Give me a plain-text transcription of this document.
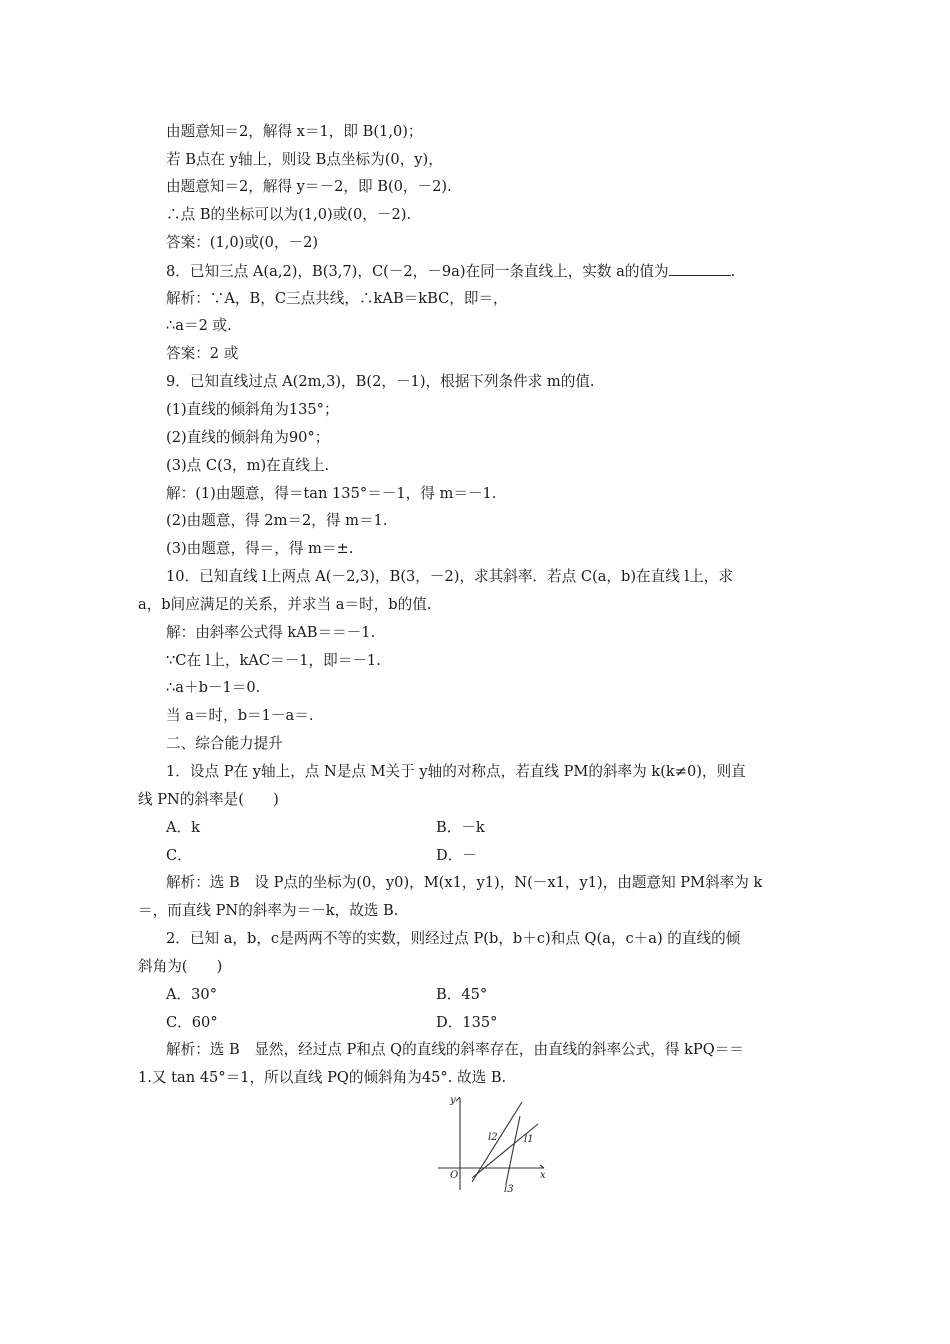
由题意知＝2，解得 x＝1，即 B(1,0)；
若 B点在 y轴上，则设 B点坐标为(0，y)，
由题意知＝2，解得 y＝－2，即 B(0，－2).
∴点 B的坐标可以为(1,0)或(0，－2).
答案：(1,0)或(0，－2)
8．已知三点 A(a,2)，B(3,7)，C(－2，－9a)在同一条直线上，实数 a的值为	.
解析：∵A，B，C三点共线，∴kAB＝kBC，即＝，
∴a＝2 或.
答案：2 或
9．已知直线过点 A(2m,3)，B(2，－1)，根据下列条件求 m的值.
(1)直线的倾斜角为135°；
(2)直线的倾斜角为90°；
(3)点 C(3，m)在直线上.
解：(1)由题意，得＝tan 135°＝－1，得 m＝－1.
(2)由题意，得 2m＝2，得 m＝1.
(3)由题意，得＝，得 m＝±.
10．已知直线 l上两点 A(－2,3)，B(3，－2)，求其斜率．若点 C(a，b)在直线 l上，求
a，b间应满足的关系，并求当 a＝时，b的值.
解：由斜率公式得 kAB＝＝－1.
∵C在 l上，kAC＝－1，即＝－1.
∴a＋b－1＝0.
当 a＝时，b＝1－a＝.
二、综合能力提升
1．设点 P在 y轴上，点 N是点 M关于 y轴的对称点，若直线 PM的斜率为 k(k≠0)，则直
线 PN的斜率是(　　)
A．k	B．－k
C．	D．－
解析：选 B　设 P点的坐标为(0，y0)，M(x1，y1)，N(－x1，y1)，由题意知 PM斜率为 k
＝，而直线 PN的斜率为＝－k，故选 B.
2．已知 a，b，c是两两不等的实数，则经过点 P(b，b＋c)和点 Q(a，c＋a) 的直线的倾
斜角为(　　)
A．30°	B．45°
C．60°	D．135°
解析：选 B　显然，经过点 P和点 Q的直线的斜率存在，由直线的斜率公式，得 kPQ＝＝
1.又 tan 45°＝1，所以直线 PQ的倾斜角为45°. 故选 B.
y
x
O
l2	l1
l3
